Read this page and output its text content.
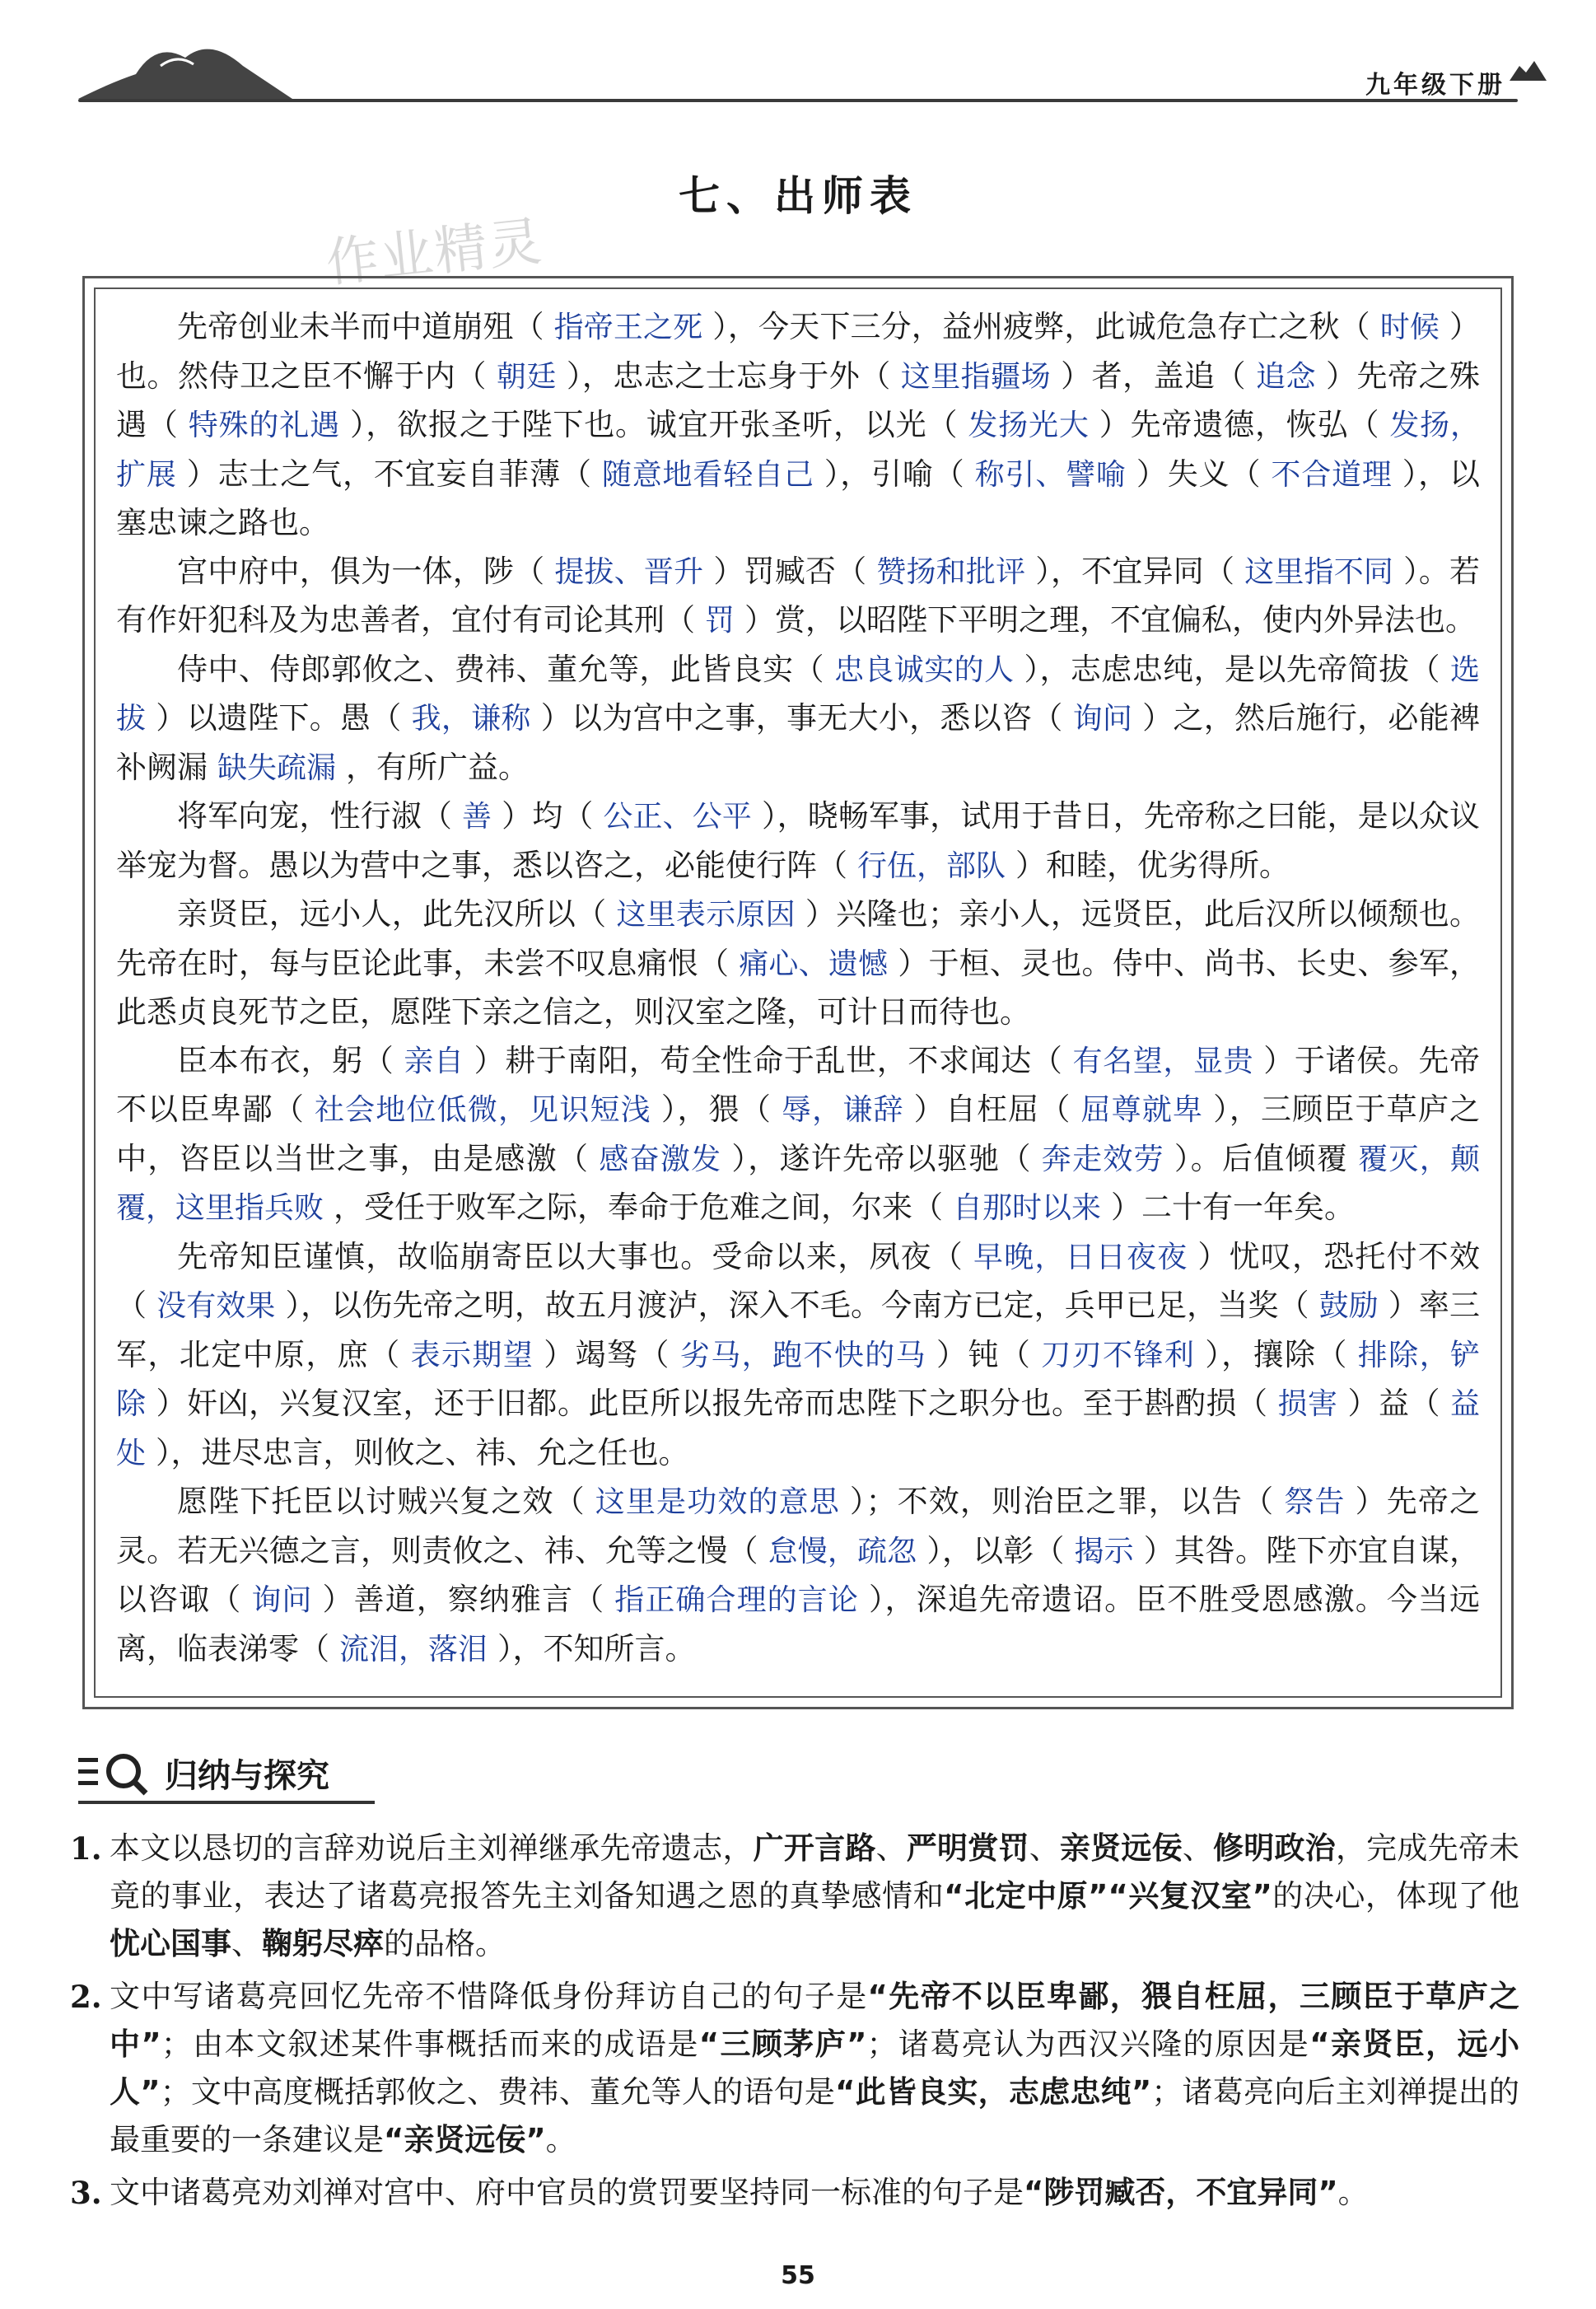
九年级下册
七、出师表
作业精灵

先帝创业未半而中道崩殂（ 指帝王之死 ），今天下三分，益州疲弊，此诚危急存亡之秋（ 时候 ）也。然侍卫之臣不懈于内（ 朝廷 ），忠志之士忘身于外（ 这里指疆场 ）者，盖追（ 追念 ）先帝之殊遇（ 特殊的礼遇 ），欲报之于陛下也。诚宜开张圣听，以光（ 发扬光大 ）先帝遗德，恢弘（ 发扬，扩展 ）志士之气，不宜妄自菲薄（ 随意地看轻自己 ），引喻（ 称引、譬喻 ）失义（ 不合道理 ），以塞忠谏之路也。

宫中府中，俱为一体，陟（ 提拔、晋升 ）罚臧否（ 赞扬和批评 ），不宜异同（ 这里指不同 ）。若有作奸犯科及为忠善者，宜付有司论其刑（ 罚 ）赏，以昭陛下平明之理，不宜偏私，使内外异法也。

侍中、侍郎郭攸之、费祎、董允等，此皆良实（ 忠良诚实的人 ），志虑忠纯，是以先帝简拔（ 选拔 ）以遗陛下。愚（ 我，谦称 ）以为宫中之事，事无大小，悉以咨（ 询问 ）之，然后施行，必能裨补阙漏 缺失疏漏 ，有所广益。

将军向宠，性行淑（ 善 ）均（ 公正、公平 ），晓畅军事，试用于昔日，先帝称之曰能，是以众议举宠为督。愚以为营中之事，悉以咨之，必能使行阵（ 行伍，部队 ）和睦，优劣得所。

亲贤臣，远小人，此先汉所以（ 这里表示原因 ）兴隆也；亲小人，远贤臣，此后汉所以倾颓也。先帝在时，每与臣论此事，未尝不叹息痛恨（ 痛心、遗憾 ）于桓、灵也。侍中、尚书、长史、参军，此悉贞良死节之臣，愿陛下亲之信之，则汉室之隆，可计日而待也。

臣本布衣，躬（ 亲自 ）耕于南阳，苟全性命于乱世，不求闻达（ 有名望，显贵 ）于诸侯。先帝不以臣卑鄙（ 社会地位低微，见识短浅 ），猥（ 辱，谦辞 ）自枉屈（ 屈尊就卑 ），三顾臣于草庐之中，咨臣以当世之事，由是感激（ 感奋激发 ），遂许先帝以驱驰（ 奔走效劳 ）。后值倾覆 覆灭，颠覆，这里指兵败 ，受任于败军之际，奉命于危难之间，尔来（ 自那时以来 ）二十有一年矣。

先帝知臣谨慎，故临崩寄臣以大事也。受命以来，夙夜（ 早晚，日日夜夜 ）忧叹，恐托付不效（ 没有效果 ），以伤先帝之明，故五月渡泸，深入不毛。今南方已定，兵甲已足，当奖（ 鼓励 ）率三军，北定中原，庶（ 表示期望 ）竭驽（ 劣马，跑不快的马 ）钝（ 刀刃不锋利 ），攘除（ 排除，铲除 ）奸凶，兴复汉室，还于旧都。此臣所以报先帝而忠陛下之职分也。至于斟酌损（ 损害 ）益（ 益处 ），进尽忠言，则攸之、祎、允之任也。

愿陛下托臣以讨贼兴复之效（ 这里是功效的意思 ）；不效，则治臣之罪，以告（ 祭告 ）先帝之灵。若无兴德之言，则责攸之、祎、允等之慢（ 怠慢，疏忽 ），以彰（ 揭示 ）其咎。陛下亦宜自谋，以咨诹（ 询问 ）善道，察纳雅言（ 指正确合理的言论 ），深追先帝遗诏。臣不胜受恩感激。今当远离，临表涕零（ 流泪，落泪 ），不知所言。

归纳与探究
1. 本文以恳切的言辞劝说后主刘禅继承先帝遗志，广开言路、严明赏罚、亲贤远佞、修明政治，完成先帝未竟的事业，表达了诸葛亮报答先主刘备知遇之恩的真挚感情和“北定中原”“兴复汉室”的决心，体现了他忧心国事、鞠躬尽瘁的品格。
2. 文中写诸葛亮回忆先帝不惜降低身份拜访自己的句子是“先帝不以臣卑鄙，猥自枉屈，三顾臣于草庐之中”；由本文叙述某件事概括而来的成语是“三顾茅庐”；诸葛亮认为西汉兴隆的原因是“亲贤臣，远小人”；文中高度概括郭攸之、费祎、董允等人的语句是“此皆良实，志虑忠纯”；诸葛亮向后主刘禅提出的最重要的一条建议是“亲贤远佞”。
3. 文中诸葛亮劝刘禅对宫中、府中官员的赏罚要坚持同一标准的句子是“陟罚臧否，不宜异同”。
55
